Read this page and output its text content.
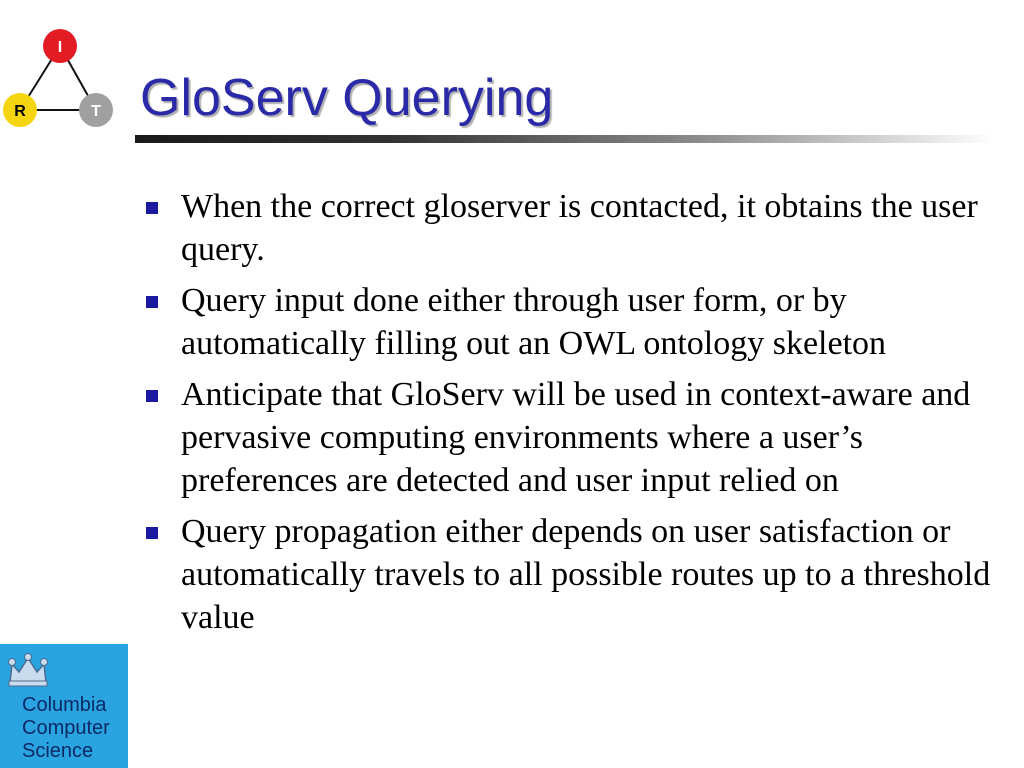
I
R	T GloServ Querying
When the correct gloserver is contacted, it obtains the user query.
Query input done either through user form, or by automatically filling out an OWL ontology skeleton
Anticipate that GloServ will be used in context-aware and pervasive computing environments where a user’s preferences are detected and user input relied on
Query propagation either depends on user satisfaction or automatically travels to all possible routes up to a threshold value
Columbia
Computer
Science
